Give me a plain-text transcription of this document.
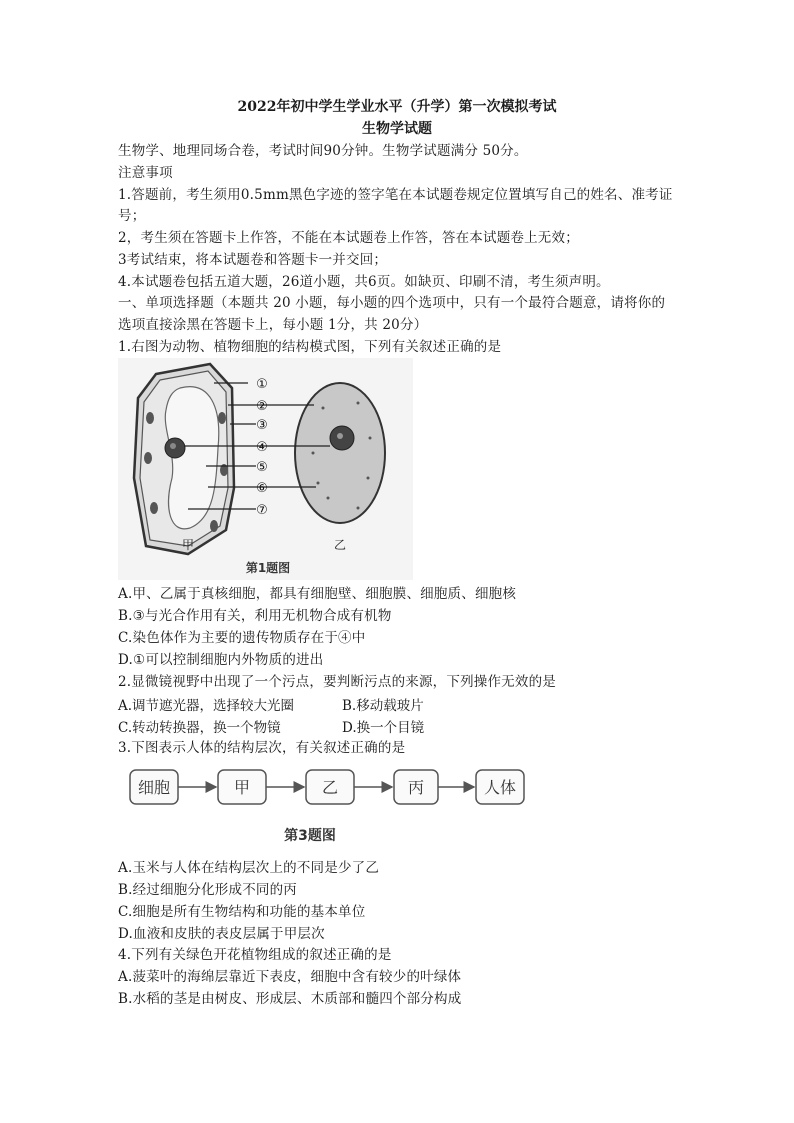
2022年初中学生学业水平（升学）第一次模拟考试
生物学试题
生物学、地理同场合卷，考试时间90分钟。生物学试题满分 50分。
注意事项
1.答题前，考生须用0.5mm黑色字迹的签字笔在本试题卷规定位置填写自己的姓名、准考证
号；
2，考生须在答题卡上作答，不能在本试题卷上作答，答在本试题卷上无效；
3考试结束，将本试题卷和答题卡一并交回；
4.本试题卷包括五道大题，26道小题，共6页。如缺页、印刷不清，考生须声明。
一、单项选择题（本题共 20 小题，每小题的四个选项中，只有一个最符合题意，请将你的
选项直接涂黑在答题卡上，每小题 1分，共 20分）
1.右图为动物、植物细胞的结构模式图，下列有关叙述正确的是
①
②
③
④
⑤
⑥
⑦
甲	乙
第1题图
A.甲、乙属于真核细胞，都具有细胞壁、细胞膜、细胞质、细胞核
B.③与光合作用有关，利用无机物合成有机物
C.染色体作为主要的遗传物质存在于④中
D.①可以控制细胞内外物质的进出
2.显微镜视野中出现了一个污点，要判断污点的来源，下列操作无效的是
A.调节遮光器，选择较大光圈	B.移动载玻片
C.转动转换器，换一个物镜	D.换一个目镜
3.下图表示人体的结构层次，有关叙述正确的是
细胞	甲	乙	丙	人体
第3题图
A.玉米与人体在结构层次上的不同是少了乙
B.经过细胞分化形成不同的丙
C.细胞是所有生物结构和功能的基本单位
D.血液和皮肤的表皮层属于甲层次
4.下列有关绿色开花植物组成的叙述正确的是
A.菠菜叶的海绵层靠近下表皮，细胞中含有较少的叶绿体
B.水稻的茎是由树皮、形成层、木质部和髓四个部分构成
